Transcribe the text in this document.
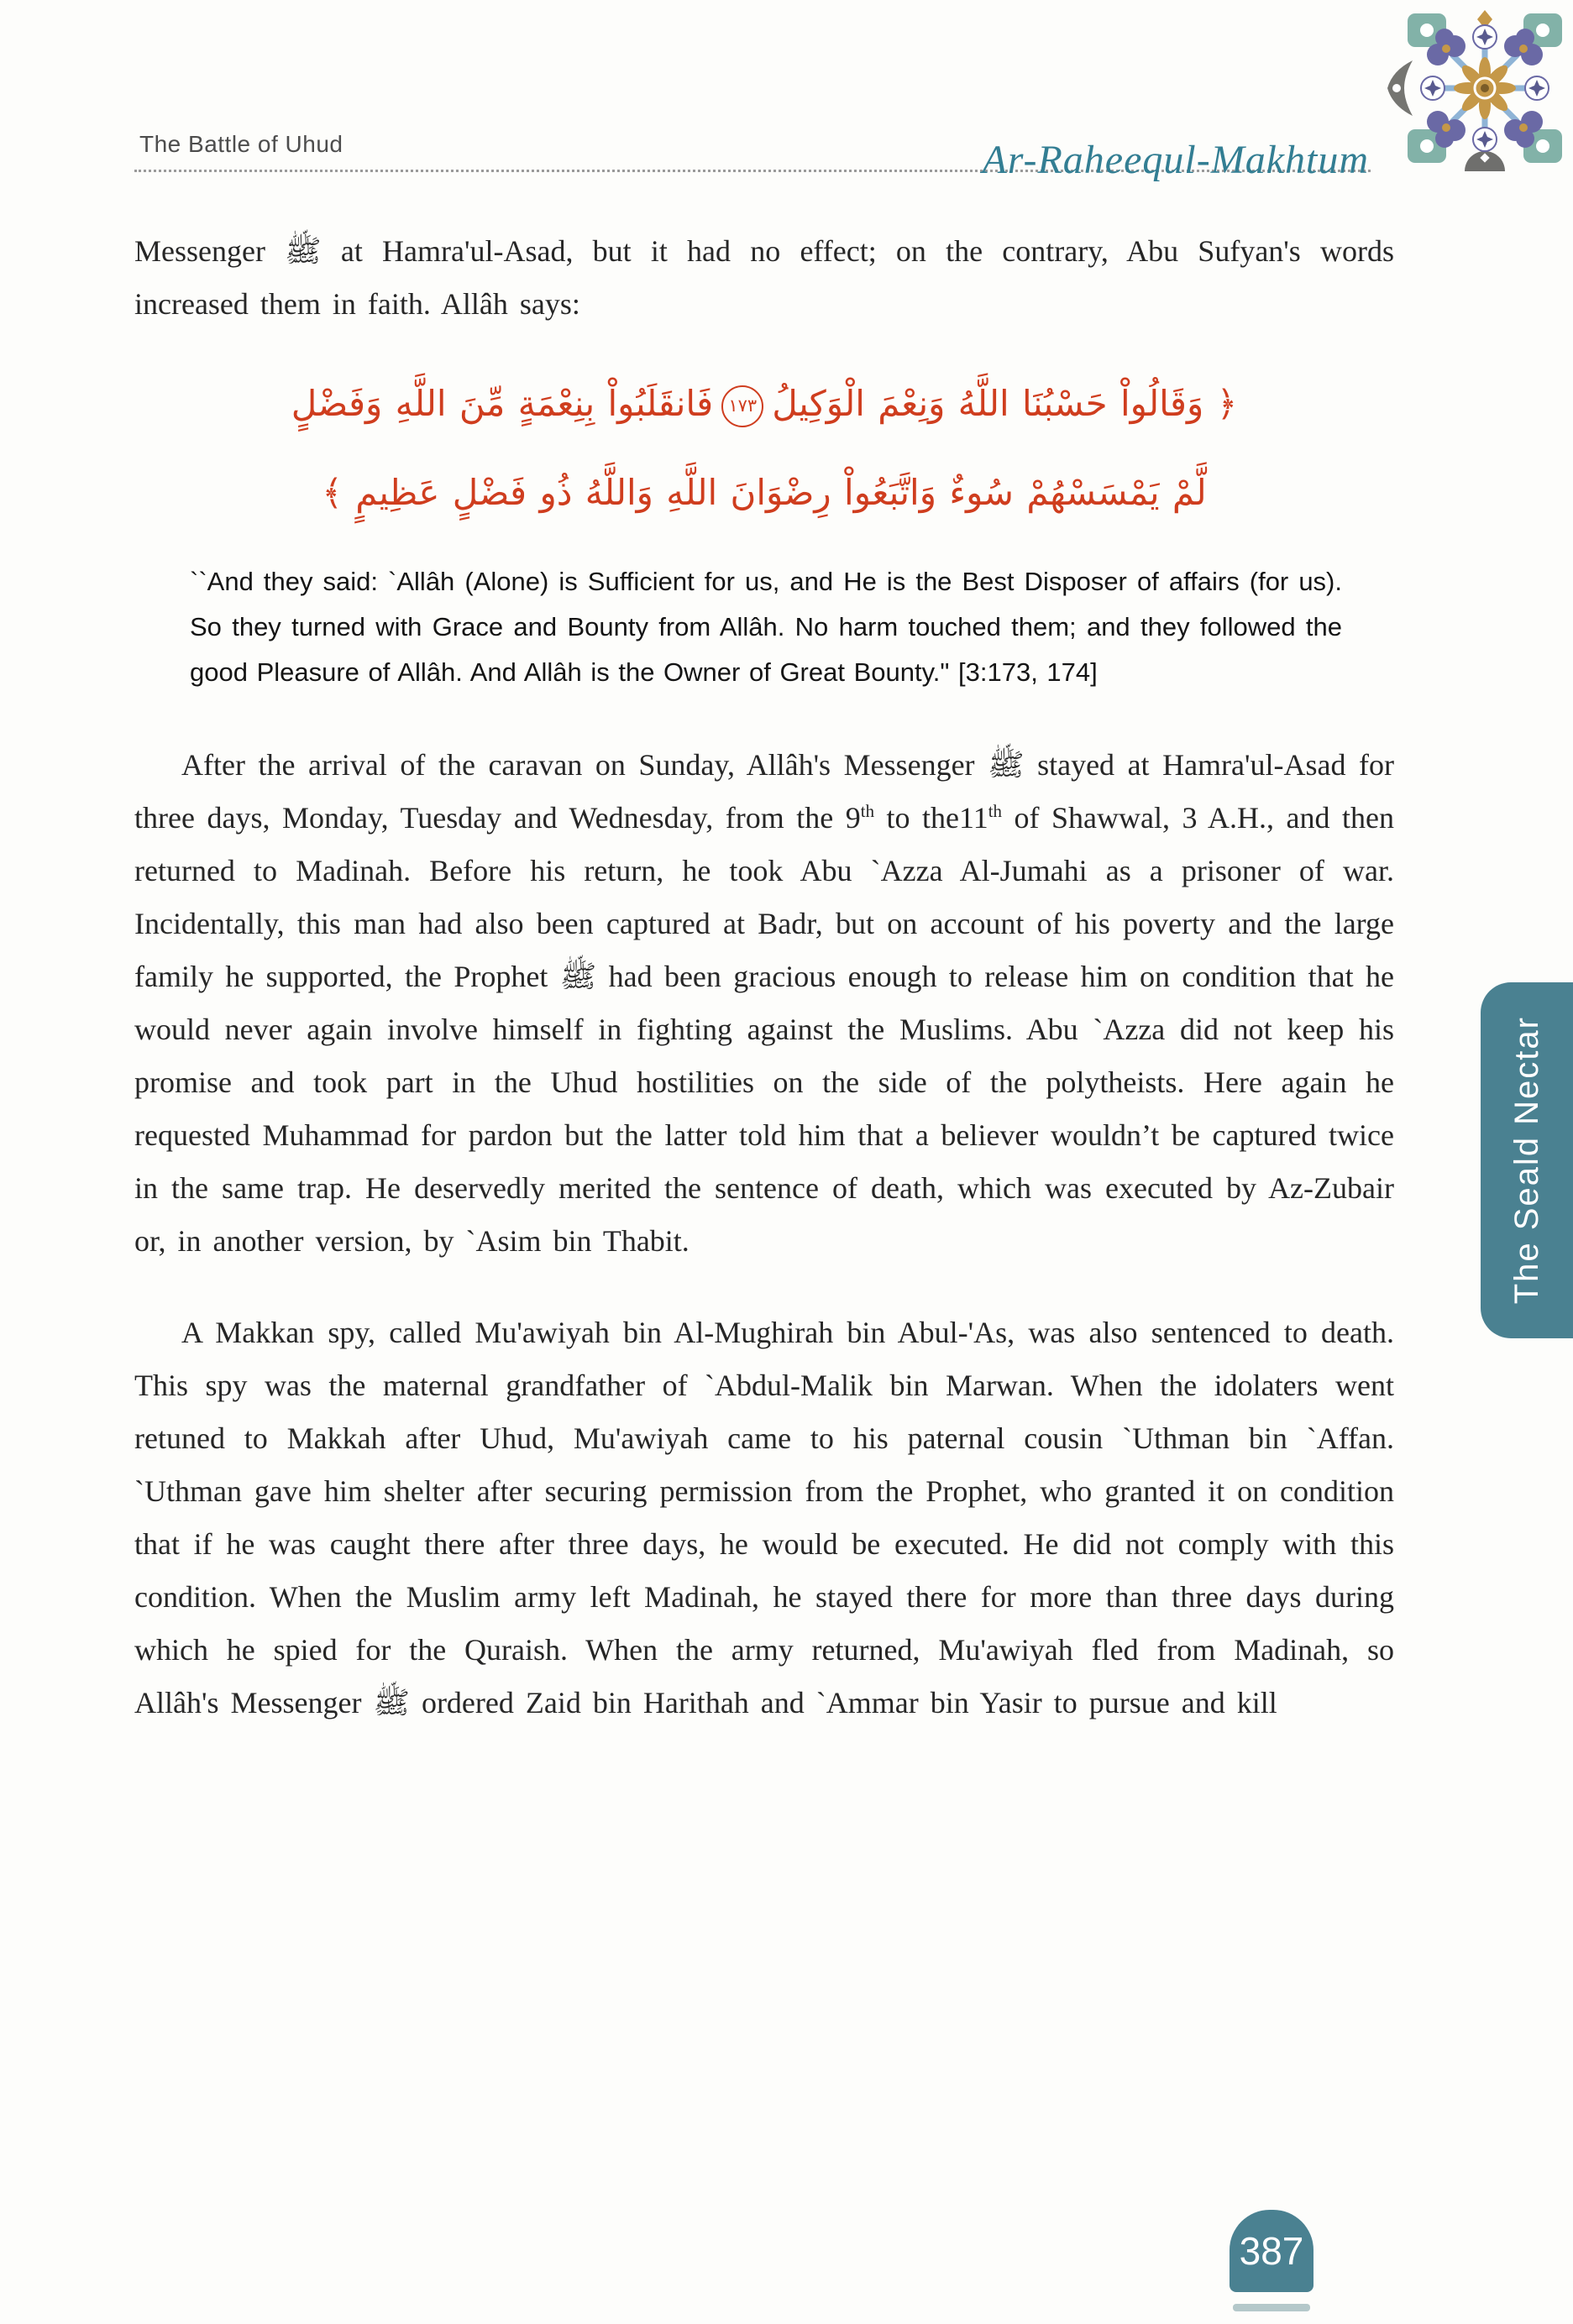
The Battle of Uhud	Ar-Raheequl-Makhtum

Messenger ﷺ at Hamra'ul-Asad, but it had no effect; on the contrary, Abu Sufyan's words increased them in faith. Allâh says:

﴿ وَقَالُواْ حَسْبُنَا اللَّهُ وَنِعْمَ الْوَكِيلُ١٧٣فَانقَلَبُواْ بِنِعْمَةٍ مِّنَ اللَّهِ وَفَضْلٍ
لَّمْ يَمْسَسْهُمْ سُوءٌ وَاتَّبَعُواْ رِضْوَانَ اللَّهِ وَاللَّهُ ذُو فَضْلٍ عَظِيمٍ ﴾
``And they said: `Allâh (Alone) is Sufficient for us, and He is the Best Disposer of affairs (for us). So they turned with Grace and Bounty from Allâh. No harm touched them; and they followed the good Pleasure of Allâh. And Allâh is the Owner of Great Bounty." [3:173, 174]

After the arrival of the caravan on Sunday, Allâh's Messenger ﷺ stayed at Hamra'ul-Asad for three days, Monday, Tuesday and Wednesday, from the 9th to the11th of Shawwal, 3 A.H., and then returned to Madinah. Before his return, he took Abu `Azza Al-Jumahi as a prisoner of war. Incidentally, this man had also been captured at Badr, but on account of his poverty and the large family he supported, the Prophet ﷺ had been gracious enough to release him on condition that he would never again involve himself in fighting against the Muslims. Abu `Azza did not keep his promise and took part in the Uhud hostilities on the side of the polytheists. Here again he requested Muhammad for pardon but the latter told him that a believer wouldn’t be captured twice in the same trap. He deservedly merited the sentence of death, which was executed by Az-Zubair or, in another version, by `Asim bin Thabit.

A Makkan spy, called Mu'awiyah bin Al-Mughirah bin Abul-'As, was also sentenced to death. This spy was the maternal grandfather of `Abdul-Malik bin Marwan. When the idolaters went retuned to Makkah after Uhud, Mu'awiyah came to his paternal cousin `Uthman bin `Affan. `Uthman gave him shelter after securing permission from the Prophet, who granted it on condition that if he was caught there after three days, he would be executed. He did not comply with this condition. When the Muslim army left Madinah, he stayed there for more than three days during which he spied for the Quraish. When the army returned, Mu'awiyah fled from Madinah, so Allâh's Messenger ﷺ ordered Zaid bin Harithah and `Ammar bin Yasir to pursue and kill

The Seald Nectar
387
